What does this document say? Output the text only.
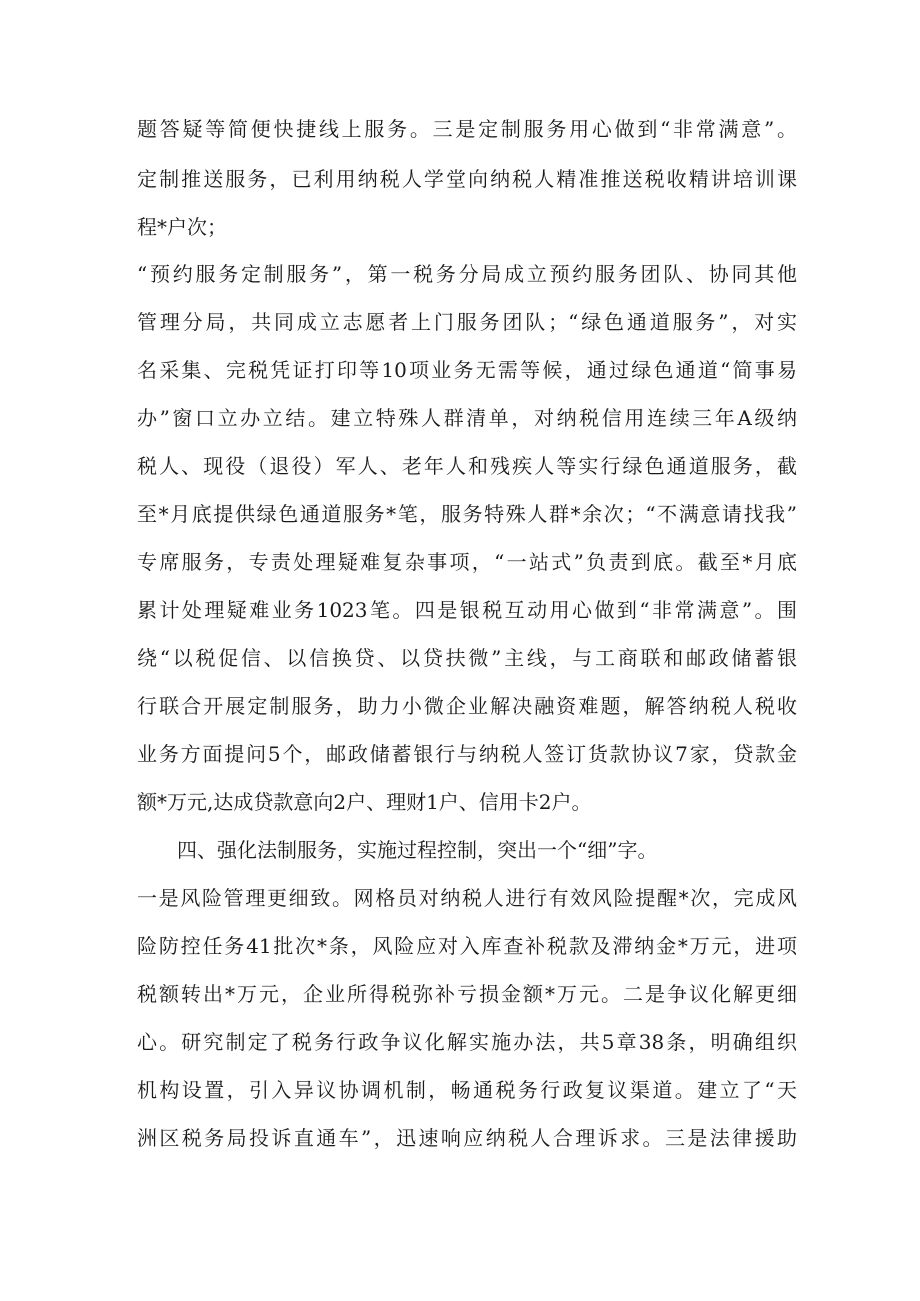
题答疑等简便快捷线上服务。三是定制服务用心做到“非常满意”。
定制推送服务，已利用纳税人学堂向纳税人精准推送税收精讲培训课
程*户次；
“预约服务定制服务”，第一税务分局成立预约服务团队、协同其他
管理分局，共同成立志愿者上门服务团队；“绿色通道服务”，对实
名采集、完税凭证打印等10项业务无需等候，通过绿色通道“简事易
办”窗口立办立结。建立特殊人群清单，对纳税信用连续三年A级纳
税人、现役（退役）军人、老年人和残疾人等实行绿色通道服务，截
至*月底提供绿色通道服务*笔，服务特殊人群*余次；“不满意请找我”
专席服务，专责处理疑难复杂事项，“一站式”负责到底。截至*月底
累计处理疑难业务1023笔。四是银税互动用心做到“非常满意”。围
绕“以税促信、以信换贷、以贷扶微”主线，与工商联和邮政储蓄银
行联合开展定制服务，助力小微企业解决融资难题，解答纳税人税收
业务方面提问5个，邮政储蓄银行与纳税人签订货款协议7家，贷款金
额*万元,达成贷款意向2户、理财1户、信用卡2户。
四、强化法制服务，实施过程控制，突出一个“细”字。
一是风险管理更细致。网格员对纳税人进行有效风险提醒*次，完成风
险防控任务41批次*条，风险应对入库查补税款及滞纳金*万元，进项
税额转出*万元，企业所得税弥补亏损金额*万元。二是争议化解更细
心。研究制定了税务行政争议化解实施办法，共5章38条，明确组织
机构设置，引入异议协调机制，畅通税务行政复议渠道。建立了“天
洲区税务局投诉直通车”，迅速响应纳税人合理诉求。三是法律援助
